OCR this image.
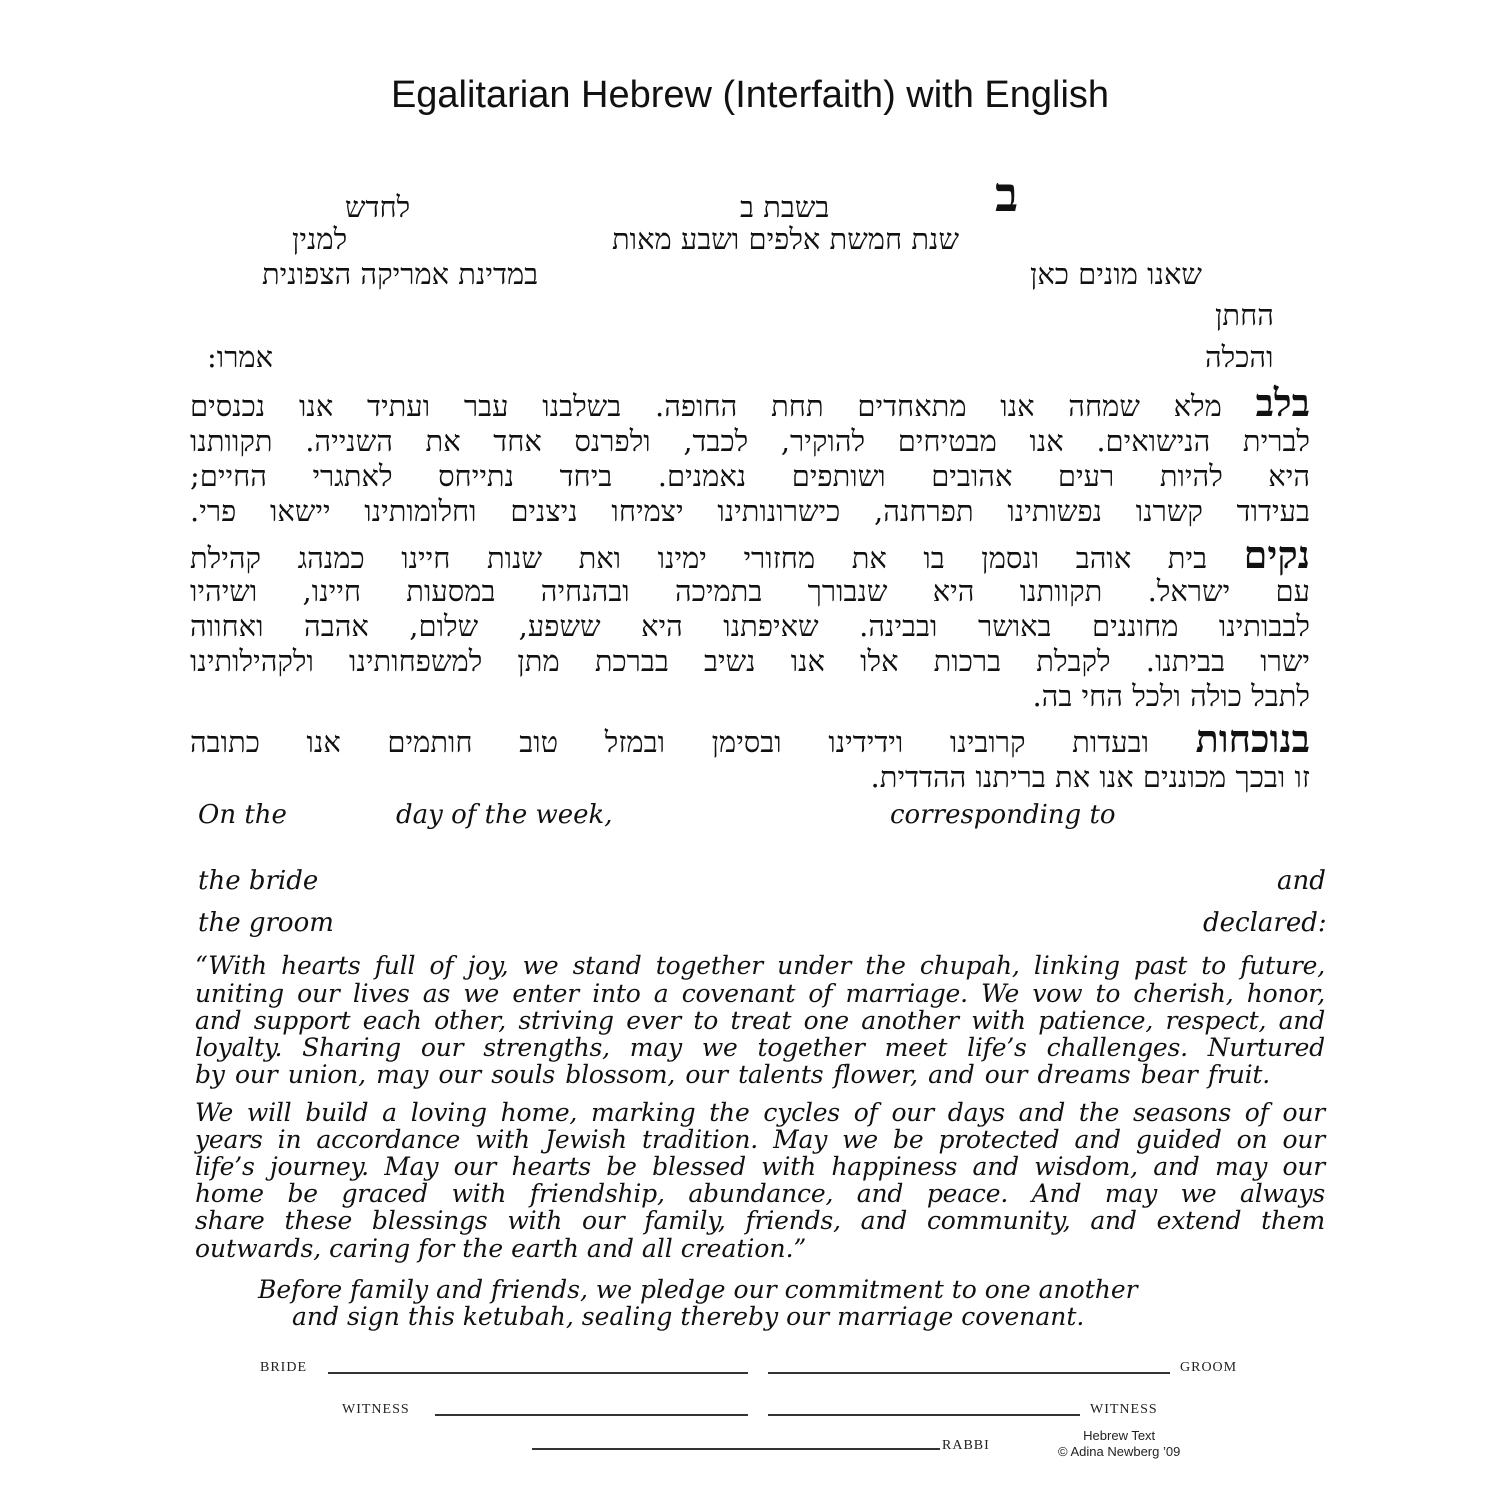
Egalitarian Hebrew (Interfaith) with English
ב
בשבת ב
לחדש
שנת חמשת אלפים ושבע מאות
למנין
במדינת אמריקה הצפונית	שאנו מונים כאן
החתן
אמרו:	והכלה
בלב מלא שמחה אנו מתאחדים תחת החופה. בשלבנו עבר ועתיד אנו נכנסים
לברית הנישואים. אנו מבטיחים להוקיר, לכבד, ולפרנס אחד את השנייה. תקוותנו
היא להיות רעים אהובים ושותפים נאמנים. ביחד נתייחס לאתגרי החיים;
בעידוד קשרנו נפשותינו תפרחנה, כישרונותינו יצמיחו ניצנים וחלומותינו יישאו פרי.
נקים בית אוהב ונסמן בו את מחזורי ימינו ואת שנות חיינו כמנהג קהילת
עם ישראל. תקוותנו היא שנבורך בתמיכה ובהנחיה במסעות חיינו, ושיהיו
לבבותינו מחוננים באושר ובבינה. שאיפתנו היא ששפע, שלום, אהבה ואחווה
ישרו בביתנו. לקבלת ברכות אלו אנו נשיב בברכת מתן למשפחותינו ולקהילותינו
לתבל כולה ולכל החי בה.
בנוכחות ובעדות קרובינו וידידינו ובסימן ובמזל טוב חותמים אנו כתובה
זו ובכך מכוננים אנו את בריתנו ההדדית.
On the	day of the week,	corresponding to
the bride	and
the groom	declared:
“With hearts full of joy, we stand together under the chupah, linking past to future,
uniting our lives as we enter into a covenant of marriage. We vow to cherish, honor,
and support each other, striving ever to treat one another with patience, respect, and
loyalty. Sharing our strengths, may we together meet life’s challenges. Nurtured
by our union, may our souls blossom, our talents flower, and our dreams bear fruit.
We will build a loving home, marking the cycles of our days and the seasons of our
years in accordance with Jewish tradition. May we be protected and guided on our
life’s journey. May our hearts be blessed with happiness and wisdom, and may our
home be graced with friendship, abundance, and peace. And may we always
share these blessings with our family, friends, and community, and extend them
outwards, caring for the earth and all creation.”
Before family and friends, we pledge our commitment to one another
and sign this ketubah, sealing thereby our marriage covenant.
BRIDE	GROOM
WITNESS	WITNESS
RABBI
Hebrew Text
© Adina Newberg ’09
